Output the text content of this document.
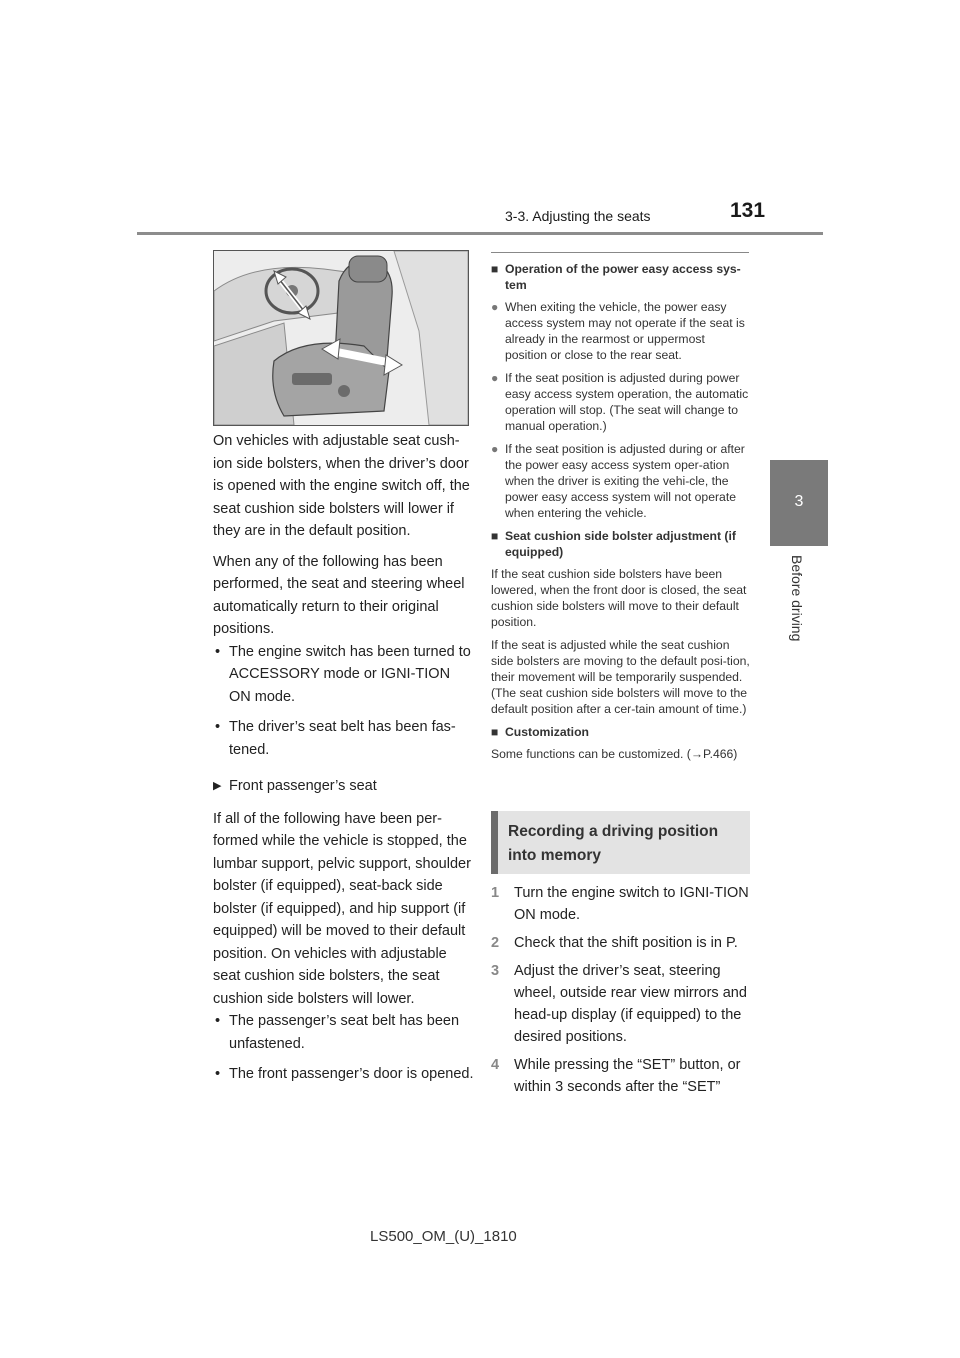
3-3. Adjusting the seats	131
3
Before driving

On vehicles with adjustable seat cush-ion side bolsters, when the driver’s door is opened with the engine switch off, the seat cushion side bolsters will lower if they are in the default position.

When any of the following has been performed, the seat and steering wheel automatically return to their original positions.

• The engine switch has been turned to ACCESSORY mode or IGNI-TION ON mode.

• The driver’s seat belt has been fas-tened.

▶ Front passenger’s seat

If all of the following have been per-formed while the vehicle is stopped, the lumbar support, pelvic support, shoulder bolster (if equipped), seat-back side bolster (if equipped), and hip support (if equipped) will be moved to their default position. On vehicles with adjustable seat cushion side bolsters, the seat cushion side bolsters will lower.

• The passenger’s seat belt has been unfastened.

• The front passenger’s door is opened.

■ Operation of the power easy access sys-tem
● When exiting the vehicle, the power easy access system may not operate if the seat is already in the rearmost or uppermost position or close to the rear seat.
● If the seat position is adjusted during power easy access system operation, the automatic operation will stop. (The seat will change to manual operation.)
● If the seat position is adjusted during or after the power easy access system oper-ation when the driver is exiting the vehi-cle, the power easy access system will not operate when entering the vehicle.
■ Seat cushion side bolster adjustment (if equipped)

If the seat cushion side bolsters have been lowered, when the front door is closed, the seat cushion side bolsters will move to their default position.

If the seat is adjusted while the seat cushion side bolsters are moving to the default posi-tion, their movement will be temporarily suspended. (The seat cushion side bolsters will move to the default position after a cer-tain amount of time.)

■ Customization

Some functions can be customized. (→P.466)

Recording a driving position into memory
1 Turn the engine switch to IGNI-TION ON mode.
2 Check that the shift position is in P.
3 Adjust the driver’s seat, steering wheel, outside rear view mirrors and head-up display (if equipped) to the desired positions.
4 While pressing the “SET” button, or within 3 seconds after the “SET”
LS500_OM_(U)_1810
